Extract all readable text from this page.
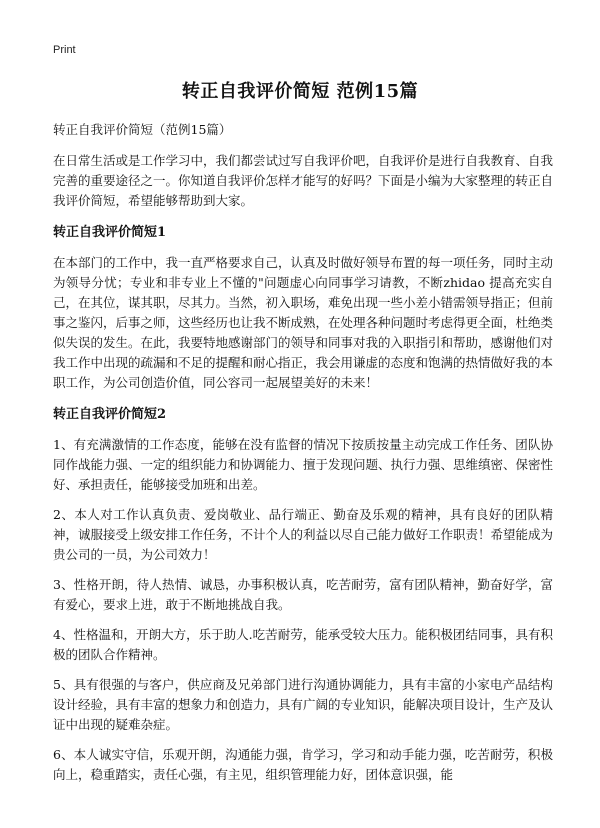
Print
转正自我评价简短 范例15篇

转正自我评价简短（范例15篇）

在日常生活或是工作学习中，我们都尝试过写自我评价吧，自我评价是进行自我教育、自我完善的重要途径之一。你知道自我评价怎样才能写的好吗？下面是小编为大家整理的转正自我评价简短，希望能够帮助到大家。

转正自我评价简短1

在本部门的工作中，我一直严格要求自己，认真及时做好领导布置的每一项任务，同时主动为领导分忧；专业和非专业上不懂的"问题虚心向同事学习请教，不断zhidao 提高充实自己，在其位，谋其职，尽其力。当然，初入职场，难免出现一些小差小错需领导指正；但前事之鉴闪，后事之师，这些经历也让我不断成熟，在处理各种问题时考虑得更全面，杜绝类似失误的发生。在此，我要特地感谢部门的领导和同事对我的入职指引和帮助，感谢他们对我工作中出现的疏漏和不足的提醒和耐心指正，我会用谦虚的态度和饱满的热情做好我的本职工作，为公司创造价值，同公容司一起展望美好的未来！

转正自我评价简短2

1、有充满激情的工作态度，能够在没有监督的情况下按质按量主动完成工作任务、团队协同作战能力强、一定的组织能力和协调能力、擅于发现问题、执行力强、思维缜密、保密性好、承担责任，能够接受加班和出差。

2、本人对工作认真负责、爱岗敬业、品行端正、勤奋及乐观的精神，具有良好的团队精神，诚服接受上级安排工作任务，不计个人的利益以尽自己能力做好工作职责！希望能成为贵公司的一员，为公司效力！

3、性格开朗，待人热情、诚恳，办事积极认真，吃苦耐劳，富有团队精神，勤奋好学，富有爱心，要求上进，敢于不断地挑战自我。

4、性格温和，开朗大方，乐于助人.吃苦耐劳，能承受较大压力。能积极团结同事，具有积极的团队合作精神。

5、具有很强的与客户，供应商及兄弟部门进行沟通协调能力，具有丰富的小家电产品结构设计经验，具有丰富的想象力和创造力，具有广阔的专业知识，能解决项目设计，生产及认证中出现的疑难杂症。

6、本人诚实守信，乐观开朗，沟通能力强，肯学习，学习和动手能力强，吃苦耐劳，积极向上，稳重踏实，责任心强，有主见，组织管理能力好，团体意识强，能
